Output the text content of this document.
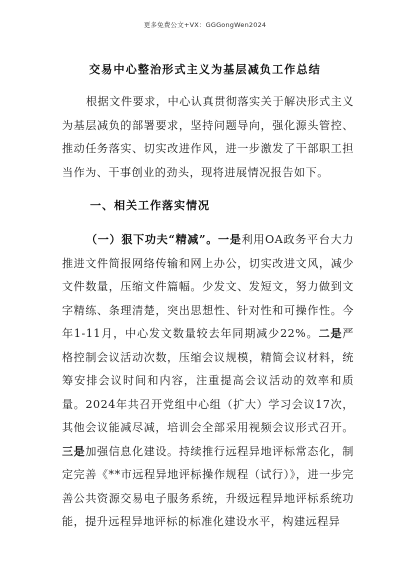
更多免费公文+VX：GGGongWen2024
交易中心整治形式主义为基层减负工作总结
根据文件要求，中心认真贯彻落实关于解决形式主义为基层减负的部署要求，坚持问题导向，强化源头管控、推动任务落实、切实改进作风，进一步激发了干部职工担当作为、干事创业的劲头，现将进展情况报告如下。
一、相关工作落实情况
（一）狠下功夫“精减”。一是利用OA政务平台大力推进文件简报网络传输和网上办公，切实改进文风，减少文件数量，压缩文件篇幅。少发文、发短文，努力做到文字精练、条理清楚，突出思想性、针对性和可操作性。今年1-11月，中心发文数量较去年同期减少22%。二是严格控制会议活动次数，压缩会议规模，精简会议材料，统筹安排会议时间和内容，注重提高会议活动的效率和质量。2024年共召开党组中心组（扩大）学习会议17次，其他会议能减尽减，培训会全部采用视频会议形式召开。三是加强信息化建设。持续推行远程异地评标常态化，制定完善《**市远程异地评标操作规程（试行）》，进一步完善公共资源交易电子服务系统，升级远程异地评标系统功能，提升远程异地评标的标准化建设水平，构建远程异
